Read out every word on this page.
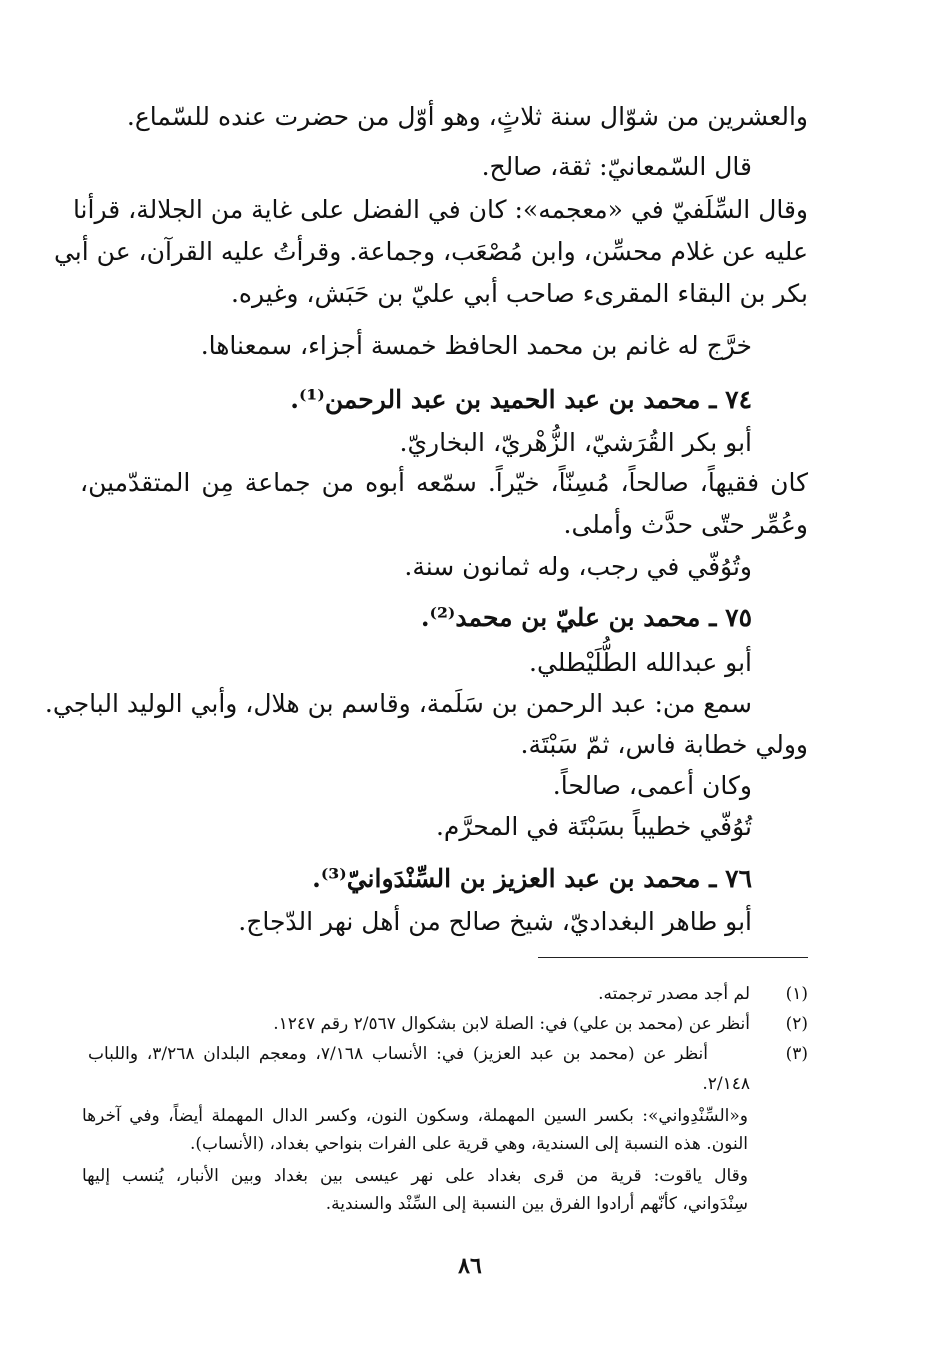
والعشرين من شوّال سنة ثلاثٍ، وهو أوّل من حضرت عنده للسّماع.
قال السّمعانيّ: ثقة، صالح.
وقال السِّلَفيّ في «معجمه»: كان في الفضل على غاية من الجلالة، قرأنا
عليه عن غلام محسِّن، وابن مُصْعَب، وجماعة. وقرأتُ عليه القرآن، عن أبي
بكر بن البقاء المقرىء صاحب أبي عليّ بن حَبَش، وغيره.
خرَّج له غانم بن محمد الحافظ خمسة أجزاء، سمعناها.
٧٤ ـ محمد بن عبد الحميد بن عبد الرحمن⁽¹⁾.
أبو بكر القُرَشيّ، الزُّهْريّ، البخاريّ.
كان فقيهاً، صالحاً، مُسِنّاً، خيّراً. سمّعه أبوه من جماعة مِن المتقدّمين،
وعُمِّر حتّى حدَّث وأملى.
وتُوُفّي في رجب، وله ثمانون سنة.
٧٥ ـ محمد بن عليّ بن محمد⁽²⁾.
أبو عبدالله الطُّلَيْطلي.
سمع من: عبد الرحمن بن سَلَمة، وقاسم بن هلال، وأبي الوليد الباجي.
وولي خطابة فاس، ثمّ سَبْتَة.
وكان أعمى، صالحاً.
تُوُفّي خطيباً بسَبْتَة في المحرَّم.
٧٦ ـ محمد بن عبد العزيز بن السِّنْدَوانيّ⁽³⁾.
أبو طاهر البغداديّ، شيخ صالح من أهل نهر الدّجاج.
(١)
لم أجد مصدر ترجمته.
(٢)
أنظر عن (محمد بن علي) في: الصلة لابن بشكوال ٢/٥٦٧ رقم ١٢٤٧.
(٣)
أنظر عن (محمد بن عبد العزيز) في: الأنساب ٧/١٦٨، ومعجم البلدان ٣/٢٦٨، واللباب
٢/١٤٨.
و«السِّنْدِواني»: بكسر السين المهملة، وسكون النون، وكسر الدال المهملة أيضاً، وفي آخرها
النون. هذه النسبة إلى السندية، وهي قرية على الفرات بنواحي بغداد، (الأنساب).
وقال ياقوت: قرية من قرى بغداد على نهر عيسى بين بغداد وبين الأنبار، يُنسب إليها
سِنْدَواني، كأنّهم أرادوا الفرق بين النسبة إلى السِّنْد والسندية.
٨٦
